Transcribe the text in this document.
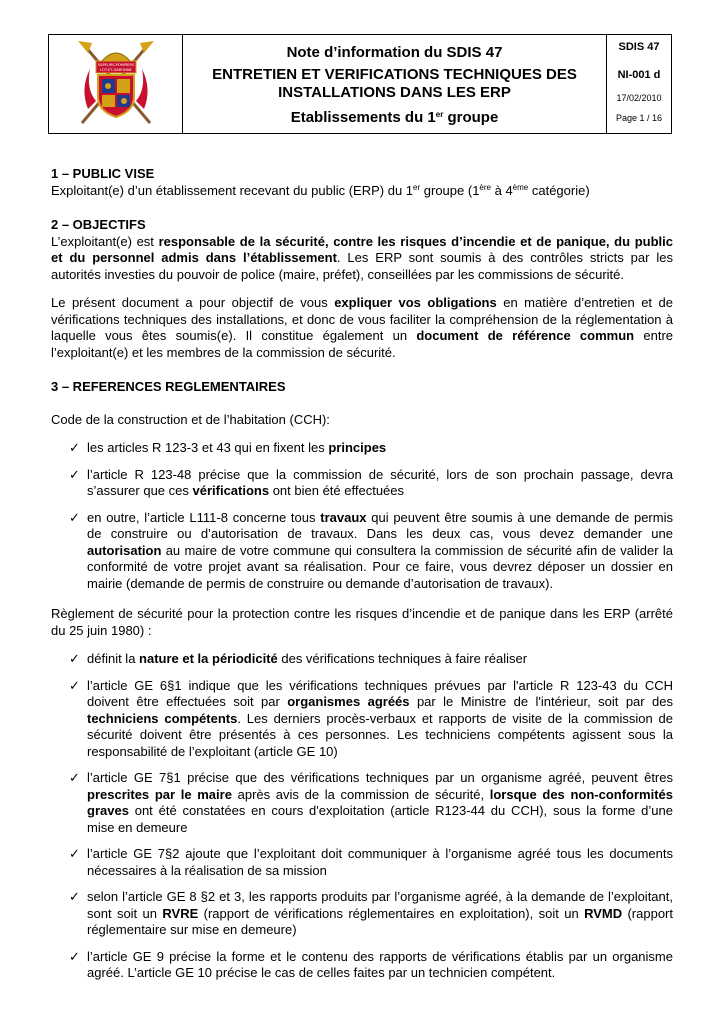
SAPEURS-POMPIERS
LOT-ET-GARONNE
Note d’information du SDIS 47
ENTRETIEN ET VERIFICATIONS TECHNIQUES DES
INSTALLATIONS DANS LES ERP
Etablissements du 1er groupe
SDIS 47
NI-001 d
17/02/2010
Page 1 / 16

1 – PUBLIC VISE

Exploitant(e) d’un établissement recevant du public (ERP) du 1er groupe (1ère à 4ème catégorie)

2 – OBJECTIFS

L’exploitant(e) est responsable de la sécurité, contre les risques d’incendie et de panique, du public et du personnel admis dans l’établissement. Les ERP sont soumis à des contrôles stricts par les autorités investies du pouvoir de police (maire, préfet), conseillées par les commissions de sécurité.

Le présent document a pour objectif de vous expliquer vos obligations en matière d’entretien et de vérifications techniques des installations, et donc de vous faciliter la compréhension de la réglementation à laquelle vous êtes soumis(e). Il constitue également un document de référence commun entre l’exploitant(e) et les membres de la commission de sécurité.

3 – REFERENCES REGLEMENTAIRES

Code de la construction et de l’habitation (CCH):

✓ les articles R 123-3 et 43 qui en fixent les principes
✓ l’article R 123-48 précise que la commission de sécurité, lors de son prochain passage, devra s’assurer que ces vérifications ont bien été effectuées
✓ en outre, l’article L111-8 concerne tous travaux qui peuvent être soumis à une demande de permis de construire ou d’autorisation de travaux. Dans les deux cas, vous devez demander une autorisation au maire de votre commune qui consultera la commission de sécurité afin de valider la conformité de votre projet avant sa réalisation. Pour ce faire, vous devrez déposer un dossier en mairie (demande de permis de construire ou demande d’autorisation de travaux).

Règlement de sécurité pour la protection contre les risques d’incendie et de panique dans les ERP (arrêté du 25 juin 1980) :

✓ définit la nature et la périodicité des vérifications techniques à faire réaliser
✓ l’article GE 6§1 indique que les vérifications techniques prévues par l'article R 123-43 du CCH doivent être effectuées soit par organismes agréés par le Ministre de l'intérieur, soit par des techniciens compétents. Les derniers procès-verbaux et rapports de visite de la commission de sécurité doivent être présentés à ces personnes. Les techniciens compétents agissent sous la responsabilité de l’exploitant (article GE 10)
✓ l’article GE 7§1 précise que des vérifications techniques par un organisme agréé, peuvent êtres prescrites par le maire après avis de la commission de sécurité, lorsque des non-conformités graves ont été constatées en cours d'exploitation (article R123-44 du CCH), sous la forme d’une mise en demeure
✓ l’article GE 7§2 ajoute que l’exploitant doit communiquer à l’organisme agréé tous les documents nécessaires à la réalisation de sa mission
✓ selon l’article GE 8 §2 et 3, les rapports produits par l’organisme agréé, à la demande de l’exploitant, sont soit un RVRE (rapport de vérifications réglementaires en exploitation), soit un RVMD (rapport réglementaire sur mise en demeure)
✓ l’article GE 9 précise la forme et le contenu des rapports de vérifications établis par un organisme agréé. L’article GE 10 précise le cas de celles faites par un technicien compétent.
